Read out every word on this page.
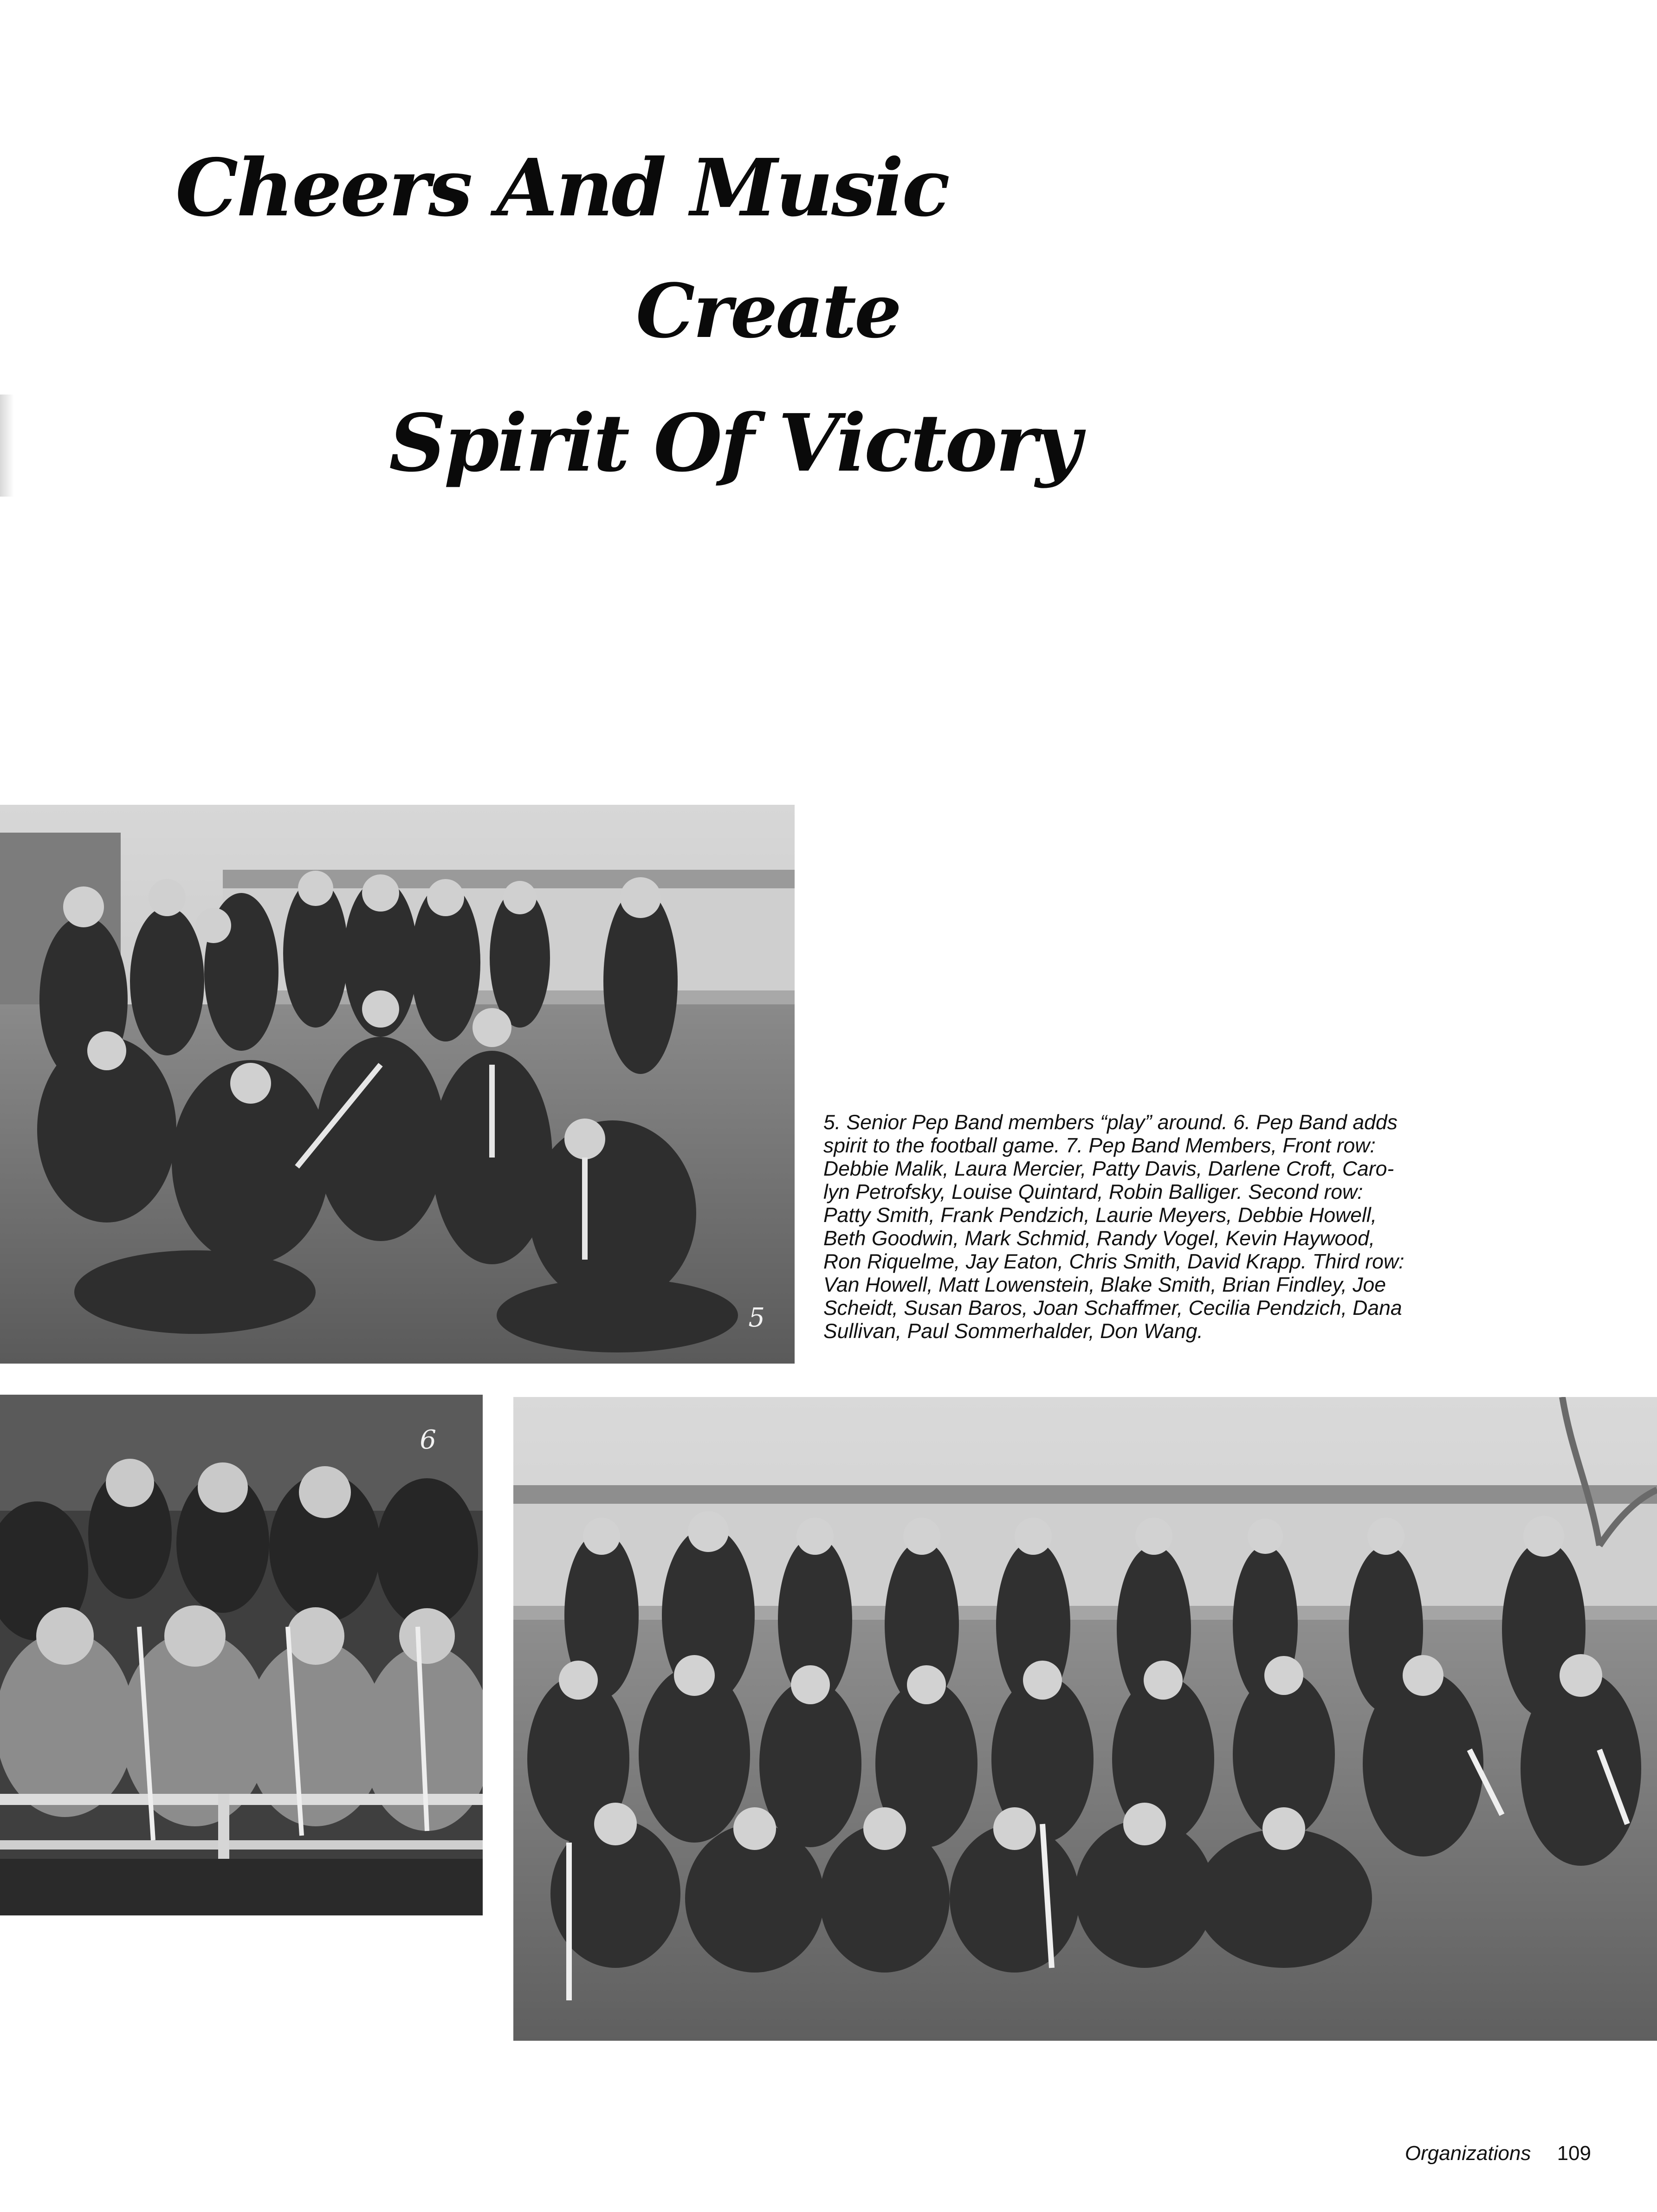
Cheers And Music
Create
Spirit Of Victory
5
6
5. Senior Pep Band members “play” around. 6. Pep Band adds
spirit to the football game. 7. Pep Band Members, Front row:
Debbie Malik, Laura Mercier, Patty Davis, Darlene Croft, Caro-
lyn Petrofsky, Louise Quintard, Robin Balliger. Second row:
Patty Smith, Frank Pendzich, Laurie Meyers, Debbie Howell,
Beth Goodwin, Mark Schmid, Randy Vogel, Kevin Haywood,
Ron Riquelme, Jay Eaton, Chris Smith, David Krapp. Third row:
Van Howell, Matt Lowenstein, Blake Smith, Brian Findley, Joe
Scheidt, Susan Baros, Joan Schaffmer, Cecilia Pendzich, Dana
Sullivan, Paul Sommerhalder, Don Wang.
Organizations 109
